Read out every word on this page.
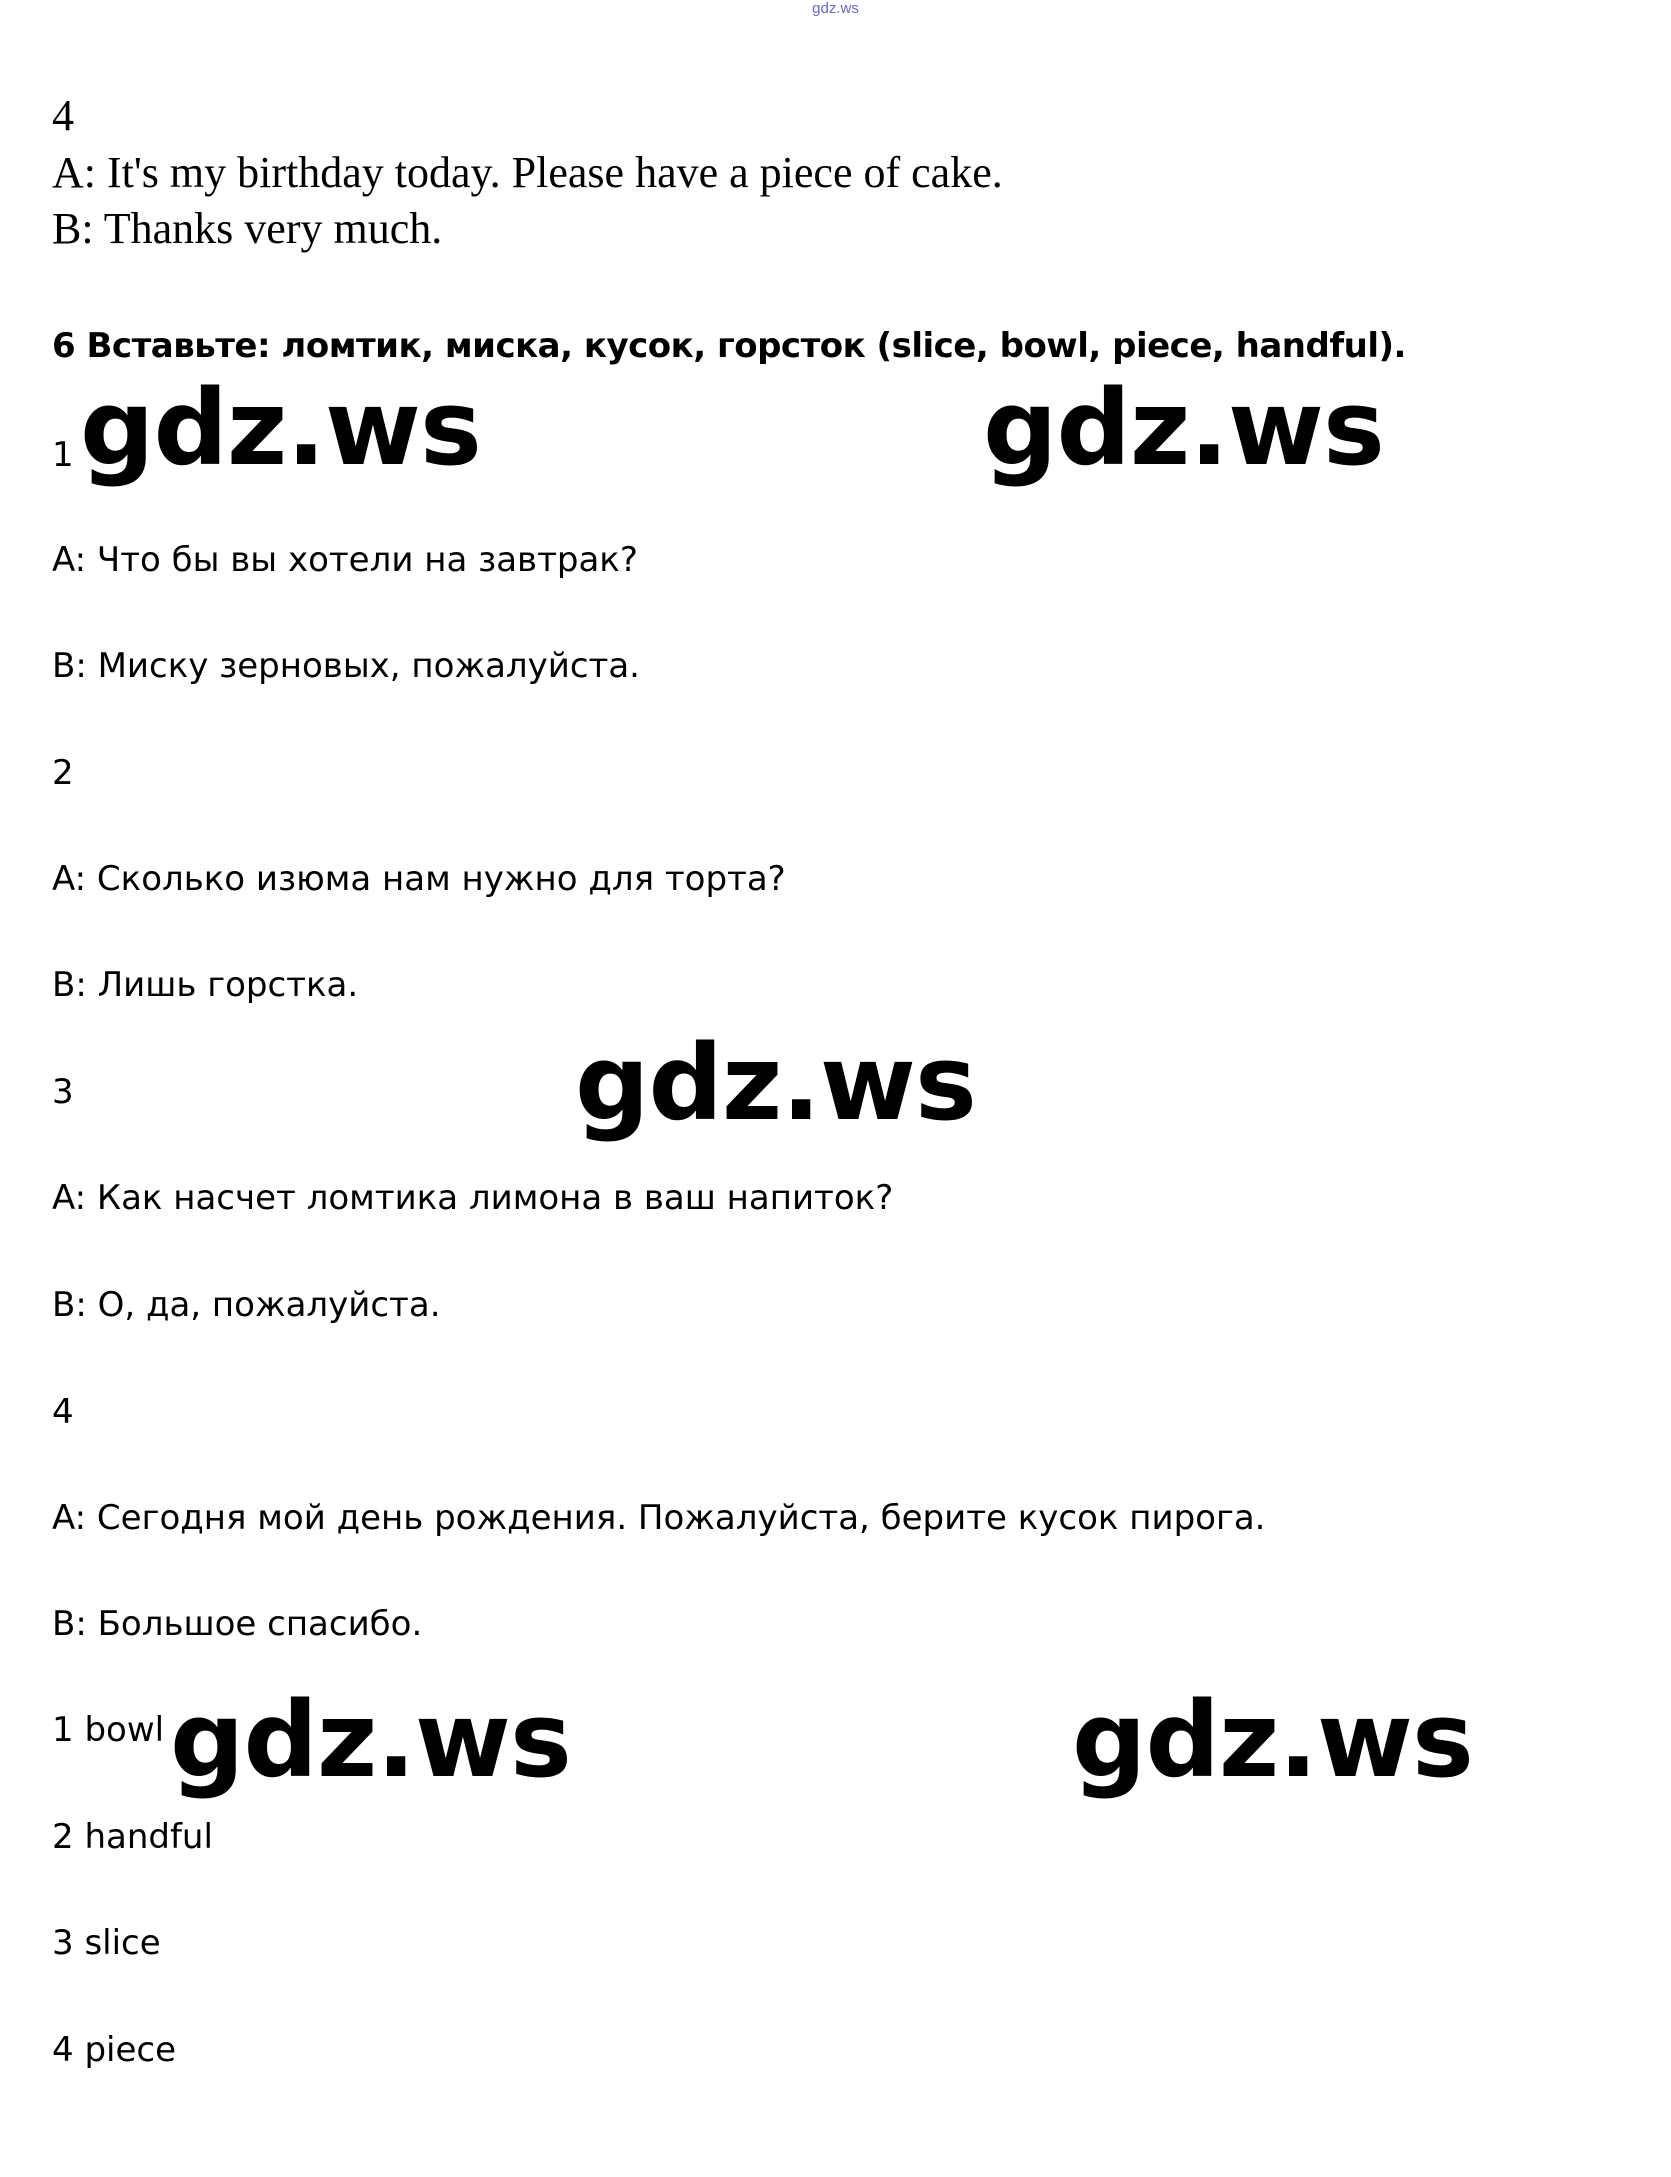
gdz.ws
4
A: It's my birthday today. Please have a piece of cake.
B: Thanks very much.
6 Вставьте: ломтик, миска, кусок, горсток (slice, bowl, piece, handful).
1
A: Что бы вы хотели на завтрак?
B: Миску зерновых, пожалуйста.
2
A: Сколько изюма нам нужно для торта?
B: Лишь горстка.
3
A: Как насчет ломтика лимона в ваш напиток?
B: О, да, пожалуйста.
4
A: Сегодня мой день рождения. Пожалуйста, берите кусок пирога.
B: Большое спасибо.
1 bowl
2 handful
3 slice
4 piece
gdz.ws	gdz.ws
gdz.ws
gdz.ws	gdz.ws
